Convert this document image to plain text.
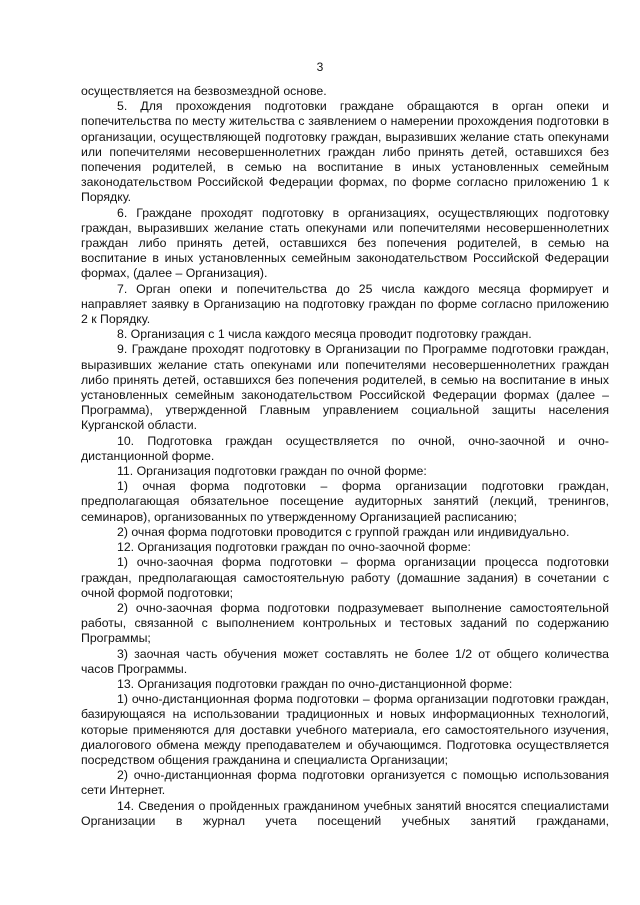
3

осуществляется на безвозмездной основе.

5. Для прохождения подготовки граждане обращаются в орган опеки и попечительства по месту жительства с заявлением о намерении прохождения подготовки в организации, осуществляющей подготовку граждан, выразивших желание стать опекунами или попечителями несовершеннолетних граждан либо принять детей, оставшихся без попечения родителей, в семью на воспитание в иных установленных семейным законодательством Российской Федерации формах, по форме согласно приложению 1 к Порядку.

6. Граждане проходят подготовку в организациях, осуществляющих подготовку граждан, выразивших желание стать опекунами или попечителями несовершеннолетних граждан либо принять детей, оставшихся без попечения родителей, в семью на воспитание в иных установленных семейным законодательством Российской Федерации формах, (далее – Организация).

7. Орган опеки и попечительства до 25 числа каждого месяца формирует и направляет заявку в Организацию на подготовку граждан по форме согласно приложению 2 к Порядку.

8. Организация с 1 числа каждого месяца проводит подготовку граждан.

9. Граждане проходят подготовку в Организации по Программе подготовки граждан, выразивших желание стать опекунами или попечителями несовершеннолетних граждан либо принять детей, оставшихся без попечения родителей, в семью на воспитание в иных установленных семейным законодательством Российской Федерации формах (далее – Программа), утвержденной Главным управлением социальной защиты населения Курганской области.

10. Подготовка граждан осуществляется по очной, очно-заочной и очно-дистанционной форме.

11. Организация подготовки граждан по очной форме:

1) очная форма подготовки – форма организации подготовки граждан, предполагающая обязательное посещение аудиторных занятий (лекций, тренингов, семинаров), организованных по утвержденному Организацией расписанию;

2) очная форма подготовки проводится с группой граждан или индивидуально.

12. Организация подготовки граждан по очно-заочной форме:

1) очно-заочная форма подготовки – форма организации процесса подготовки граждан, предполагающая самостоятельную работу (домашние задания) в сочетании с очной формой подготовки;

2) очно-заочная форма подготовки подразумевает выполнение самостоятельной работы, связанной с выполнением контрольных и тестовых заданий по содержанию Программы;

3) заочная часть обучения может составлять не более 1/2 от общего количества часов Программы.

13. Организация подготовки граждан по очно-дистанционной форме:

1) очно-дистанционная форма подготовки – форма организации подготовки граждан, базирующаяся на использовании традиционных и новых информационных технологий, которые применяются для доставки учебного материала, его самостоятельного изучения, диалогового обмена между преподавателем и обучающимся. Подготовка осуществляется посредством общения гражданина и специалиста Организации;

2) очно-дистанционная форма подготовки организуется с помощью использования сети Интернет.

14. Сведения о пройденных гражданином учебных занятий вносятся специалистами Организации в журнал учета посещений учебных занятий гражданами,
